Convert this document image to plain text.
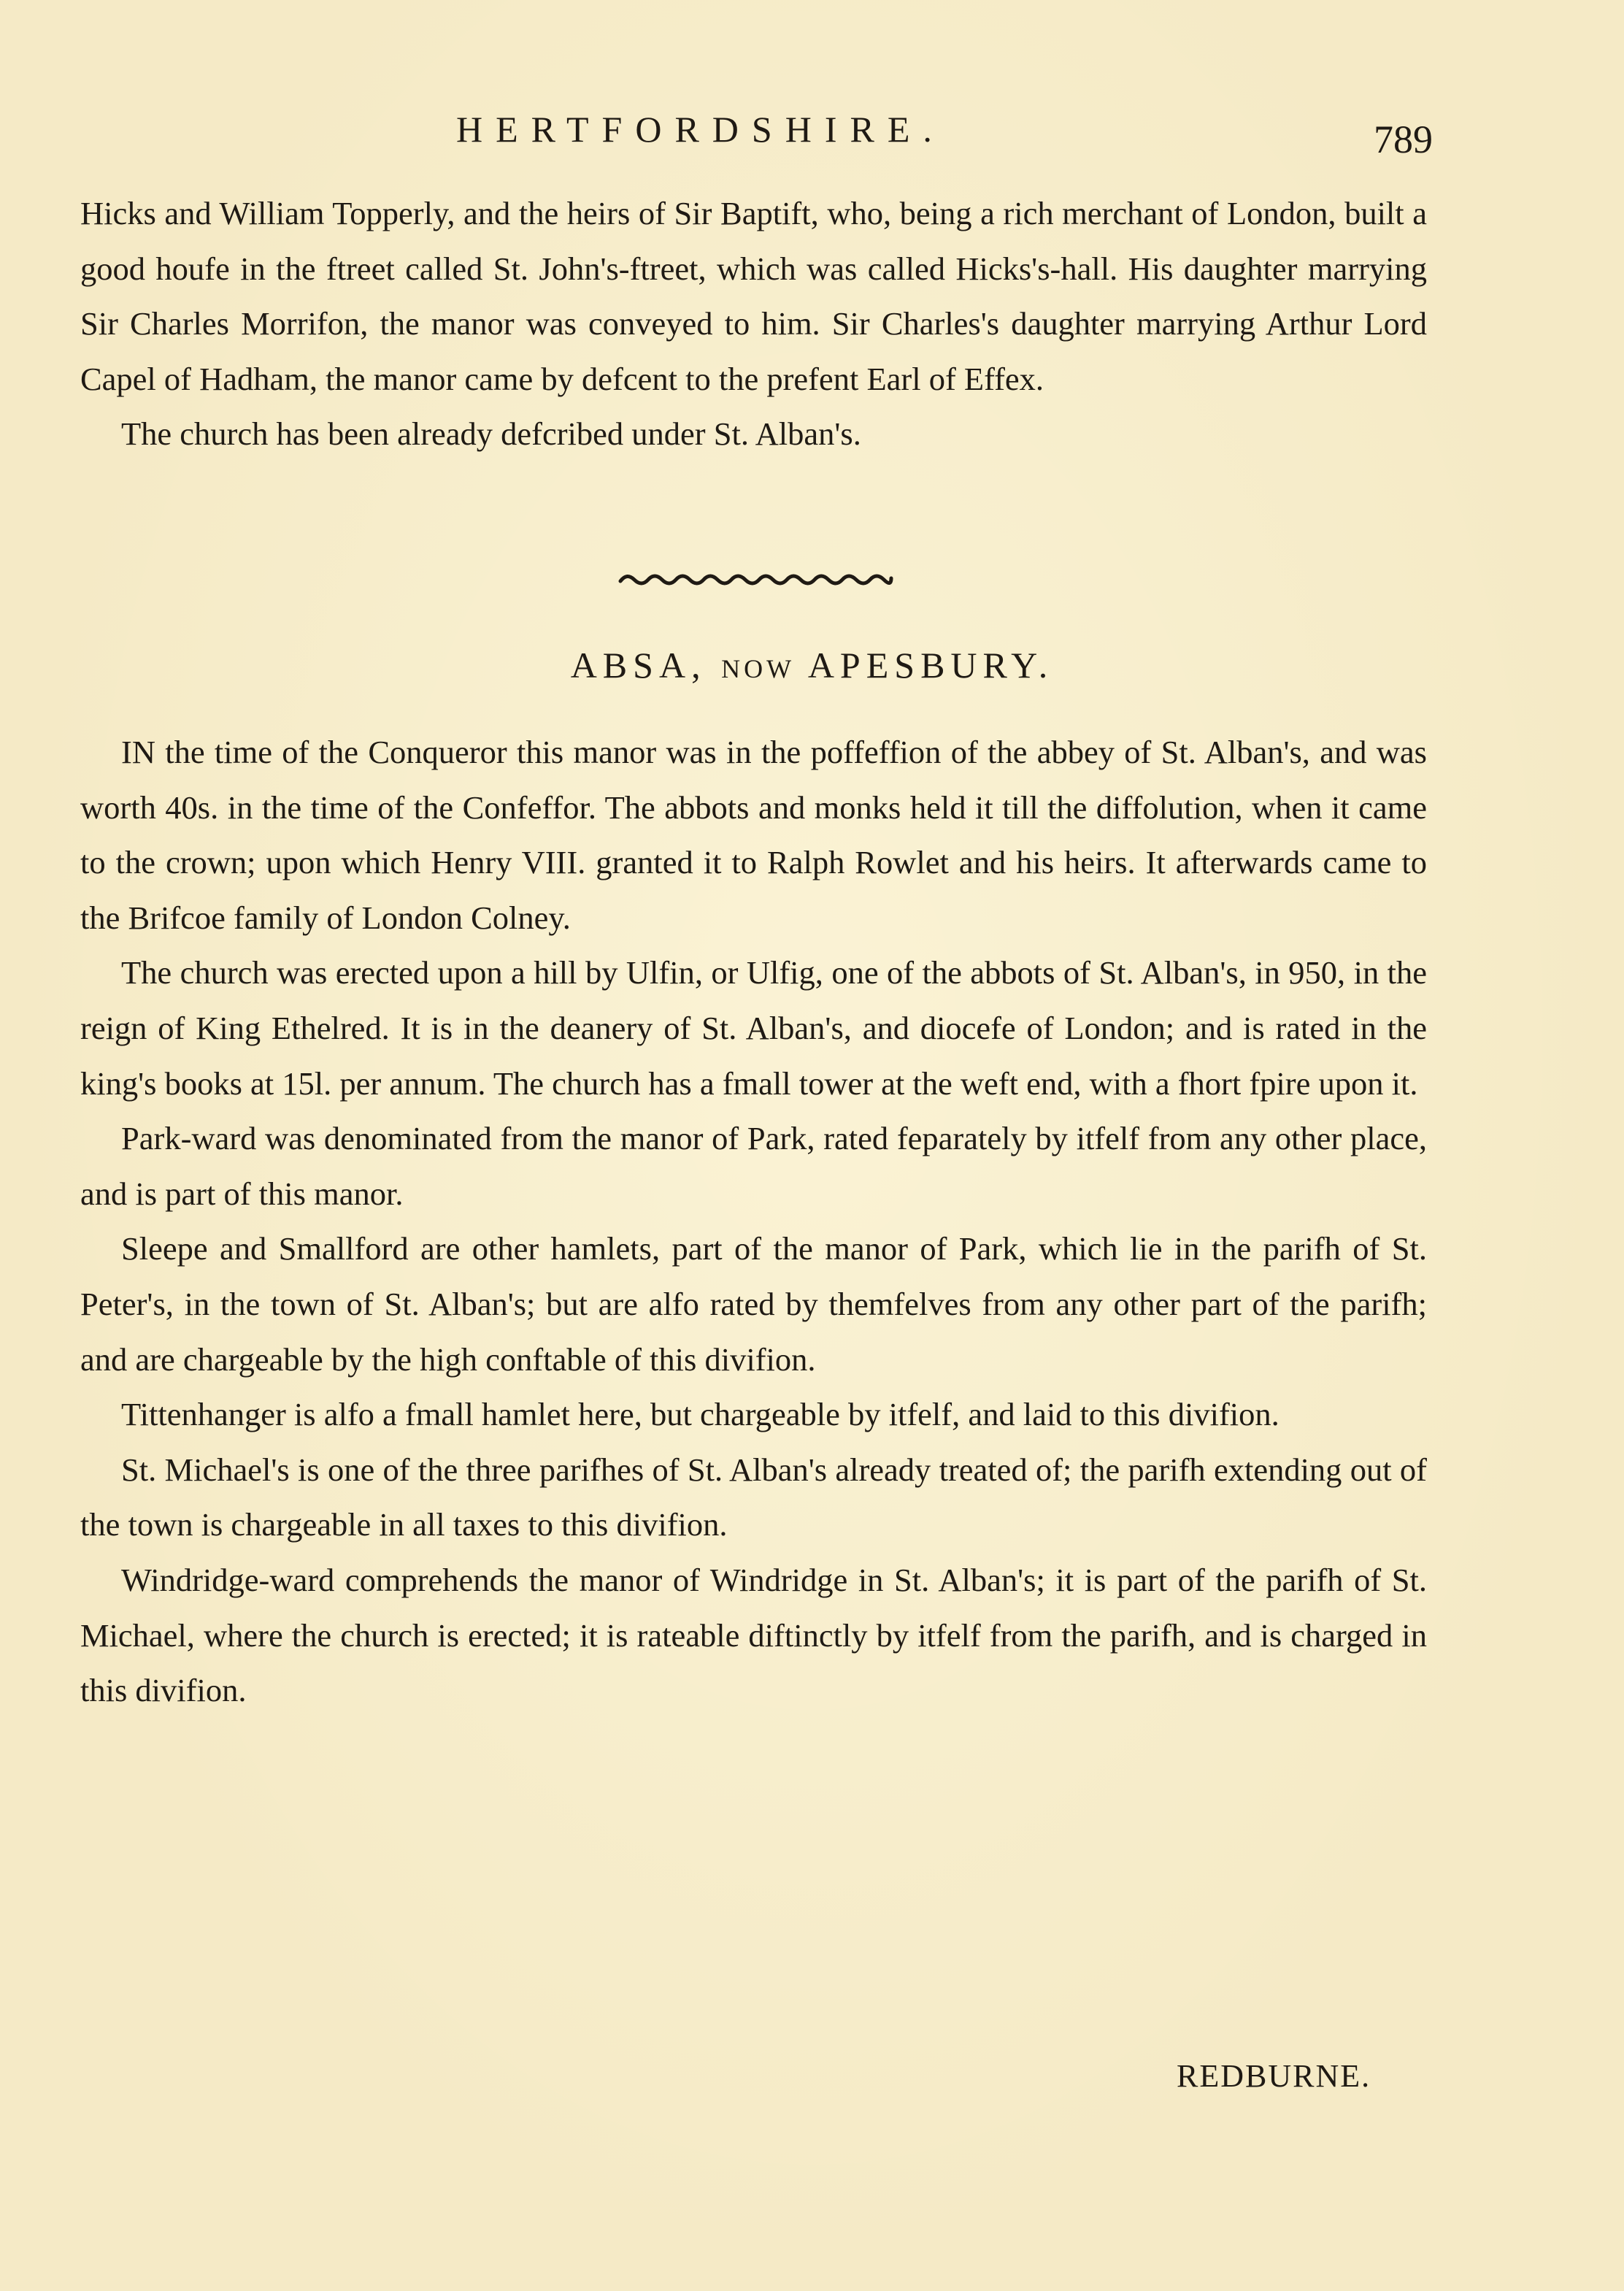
HERTFORDSHIRE.	789

Hicks and William Topperly, and the heirs of Sir Baptift, who, being a rich merchant of London, built a good houfe in the ftreet called St. John's-ftreet, which was called Hicks's-hall. His daughter marrying Sir Charles Morrifon, the manor was conveyed to him. Sir Charles's daughter marrying Arthur Lord Capel of Hadham, the manor came by defcent to the prefent Earl of Effex.

The church has been already defcribed under St. Alban's.

ABSA, NOW APESBURY.

IN the time of the Conqueror this manor was in the poffeffion of the abbey of St. Alban's, and was worth 40s. in the time of the Confeffor. The abbots and monks held it till the diffolution, when it came to the crown; upon which Henry VIII. granted it to Ralph Rowlet and his heirs. It afterwards came to the Brifcoe family of London Colney.

The church was erected upon a hill by Ulfin, or Ulfig, one of the abbots of St. Alban's, in 950, in the reign of King Ethelred. It is in the deanery of St. Alban's, and diocefe of London; and is rated in the king's books at 15l. per annum. The church has a fmall tower at the weft end, with a fhort fpire upon it.

Park-ward was denominated from the manor of Park, rated feparately by itfelf from any other place, and is part of this manor.

Sleepe and Smallford are other hamlets, part of the manor of Park, which lie in the parifh of St. Peter's, in the town of St. Alban's; but are alfo rated by themfelves from any other part of the parifh; and are chargeable by the high conftable of this divifion.

Tittenhanger is alfo a fmall hamlet here, but chargeable by itfelf, and laid to this divifion.

St. Michael's is one of the three parifhes of St. Alban's already treated of; the parifh extending out of the town is chargeable in all taxes to this divifion.

Windridge-ward comprehends the manor of Windridge in St. Alban's; it is part of the parifh of St. Michael, where the church is erected; it is rateable diftinctly by itfelf from the parifh, and is charged in this divifion.

REDBURNE.
